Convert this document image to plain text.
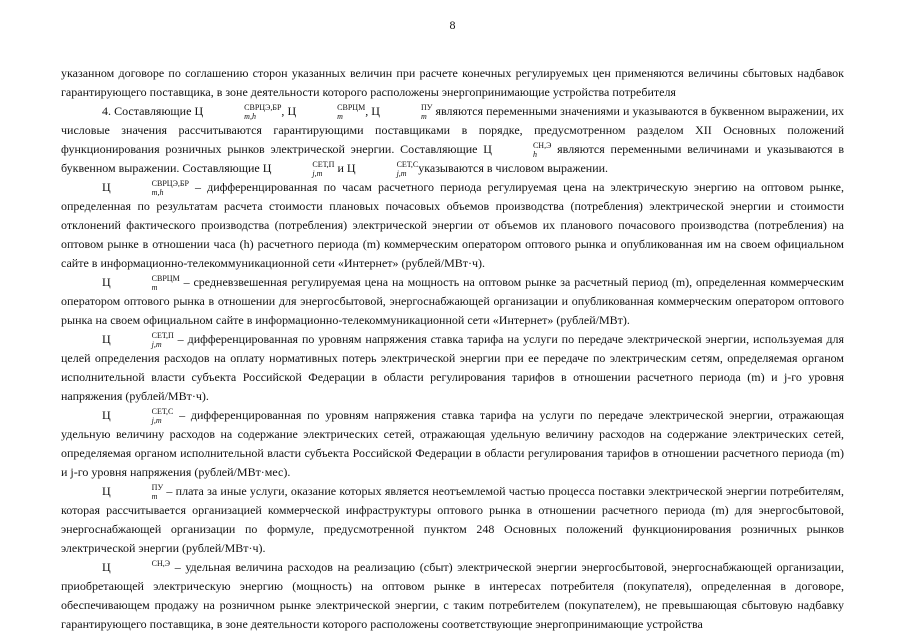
8

указанном договоре по соглашению сторон указанных величин при расчете конечных регулируемых цен применяются величины сбытовых надбавок гарантирующего поставщика, в зоне деятельности которого расположены энергопринимающие устройства потребителя

4. Составляющие Ц	СВРЦЭ,БР
m,h	, Ц	СВРЦМ
m	, Ц	ПУ
m являются переменными значениями и указываются в буквенном выражении, их числовые значения рассчитываются гарантирующими поставщиками в порядке, предусмотренном разделом XII Основных положений функционирования розничных рынков электрической энергии. Составляющие Ц	СН,Э
h	являются переменными величинами и указываются в буквенном выражении. Составляющие Ц	СЕТ,П
j,m	и Ц	СЕТ,С
j,m указываются в числовом выражении.

Ц	СВРЦЭ,БР
m,h	– дифференцированная по часам расчетного периода регулируемая цена на электрическую энергию на оптовом рынке, определенная по результатам расчета стоимости плановых почасовых объемов производства (потребления) электрической энергии и стоимости отклонений фактического производства (потребления) электрической энергии от объемов их планового почасового производства (потребления) на оптовом рынке в отношении часа (h) расчетного периода (m) коммерческим оператором оптового рынка и опубликованная им на своем официальном сайте в информационно-телекоммуникационной сети «Интернет» (рублей/МВт·ч).

Ц	СВРЦМ
m	– средневзвешенная регулируемая цена на мощность на оптовом рынке за расчетный период (m), определенная коммерческим оператором оптового рынка в отношении для энергосбытовой, энергоснабжающей организации и опубликованная коммерческим оператором оптового рынка на своем официальном сайте в информационно-телекоммуникационной сети «Интернет» (рублей/МВт).

Ц	СЕТ,П
j,m	– дифференцированная по уровням напряжения ставка тарифа на услуги по передаче электрической энергии, используемая для целей определения расходов на оплату нормативных потерь электрической энергии при ее передаче по электрическим сетям, определяемая органом исполнительной власти субъекта Российской Федерации в области регулирования тарифов в отношении расчетного периода (m) и j-го уровня напряжения (рублей/МВт·ч).

Ц	СЕТ,С
j,m – дифференцированная по уровням напряжения ставка тарифа на услуги по передаче электрической энергии, отражающая удельную величину расходов на содержание электрических сетей, отражающая удельную величину расходов на содержание электрических сетей, определяемая органом исполнительной власти субъекта Российской Федерации в области регулирования тарифов в отношении расчетного периода (m) и j-го уровня напряжения (рублей/МВт·мес).

Ц	ПУ
m – плата за иные услуги, оказание которых является неотъемлемой частью процесса поставки электрической энергии потребителям, которая рассчитывается организацией коммерческой инфраструктуры оптового рынка в отношении расчетного периода (m) для энергосбытовой, энергоснабжающей организации по формуле, предусмотренной пунктом 248 Основных положений функционирования розничных рынков электрической энергии (рублей/МВт·ч).

Ц	СН,Э
– удельная величина расходов на реализацию (сбыт) электрической энергии энергосбытовой, энергоснабжающей организации, приобретающей электрическую энергию (мощность) на оптовом рынке в интересах потребителя (покупателя), определенная в договоре, обеспечивающем продажу на розничном рынке электрической энергии, с таким потребителем (покупателем), не превышающая сбытовую надбавку гарантирующего поставщика, в зоне деятельности которого расположены соответствующие энергопринимающие устройства
